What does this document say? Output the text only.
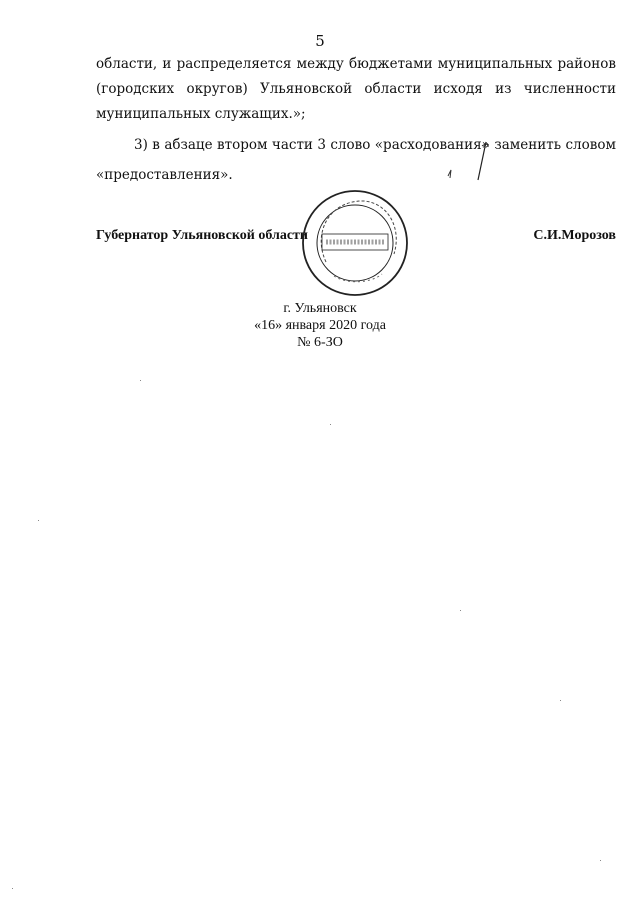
5
области, и распределяется между бюджетами муниципальных районов
(городских округов) Ульяновской области исходя из численности
муниципальных служащих.»;
3) в абзаце втором части 3 слово «расходования» заменить словом
«предоставления».
Губернатор Ульяновской области	С.И.Морозов
г. Ульяновск
«16» января 2020 года
№ 6-ЗО
